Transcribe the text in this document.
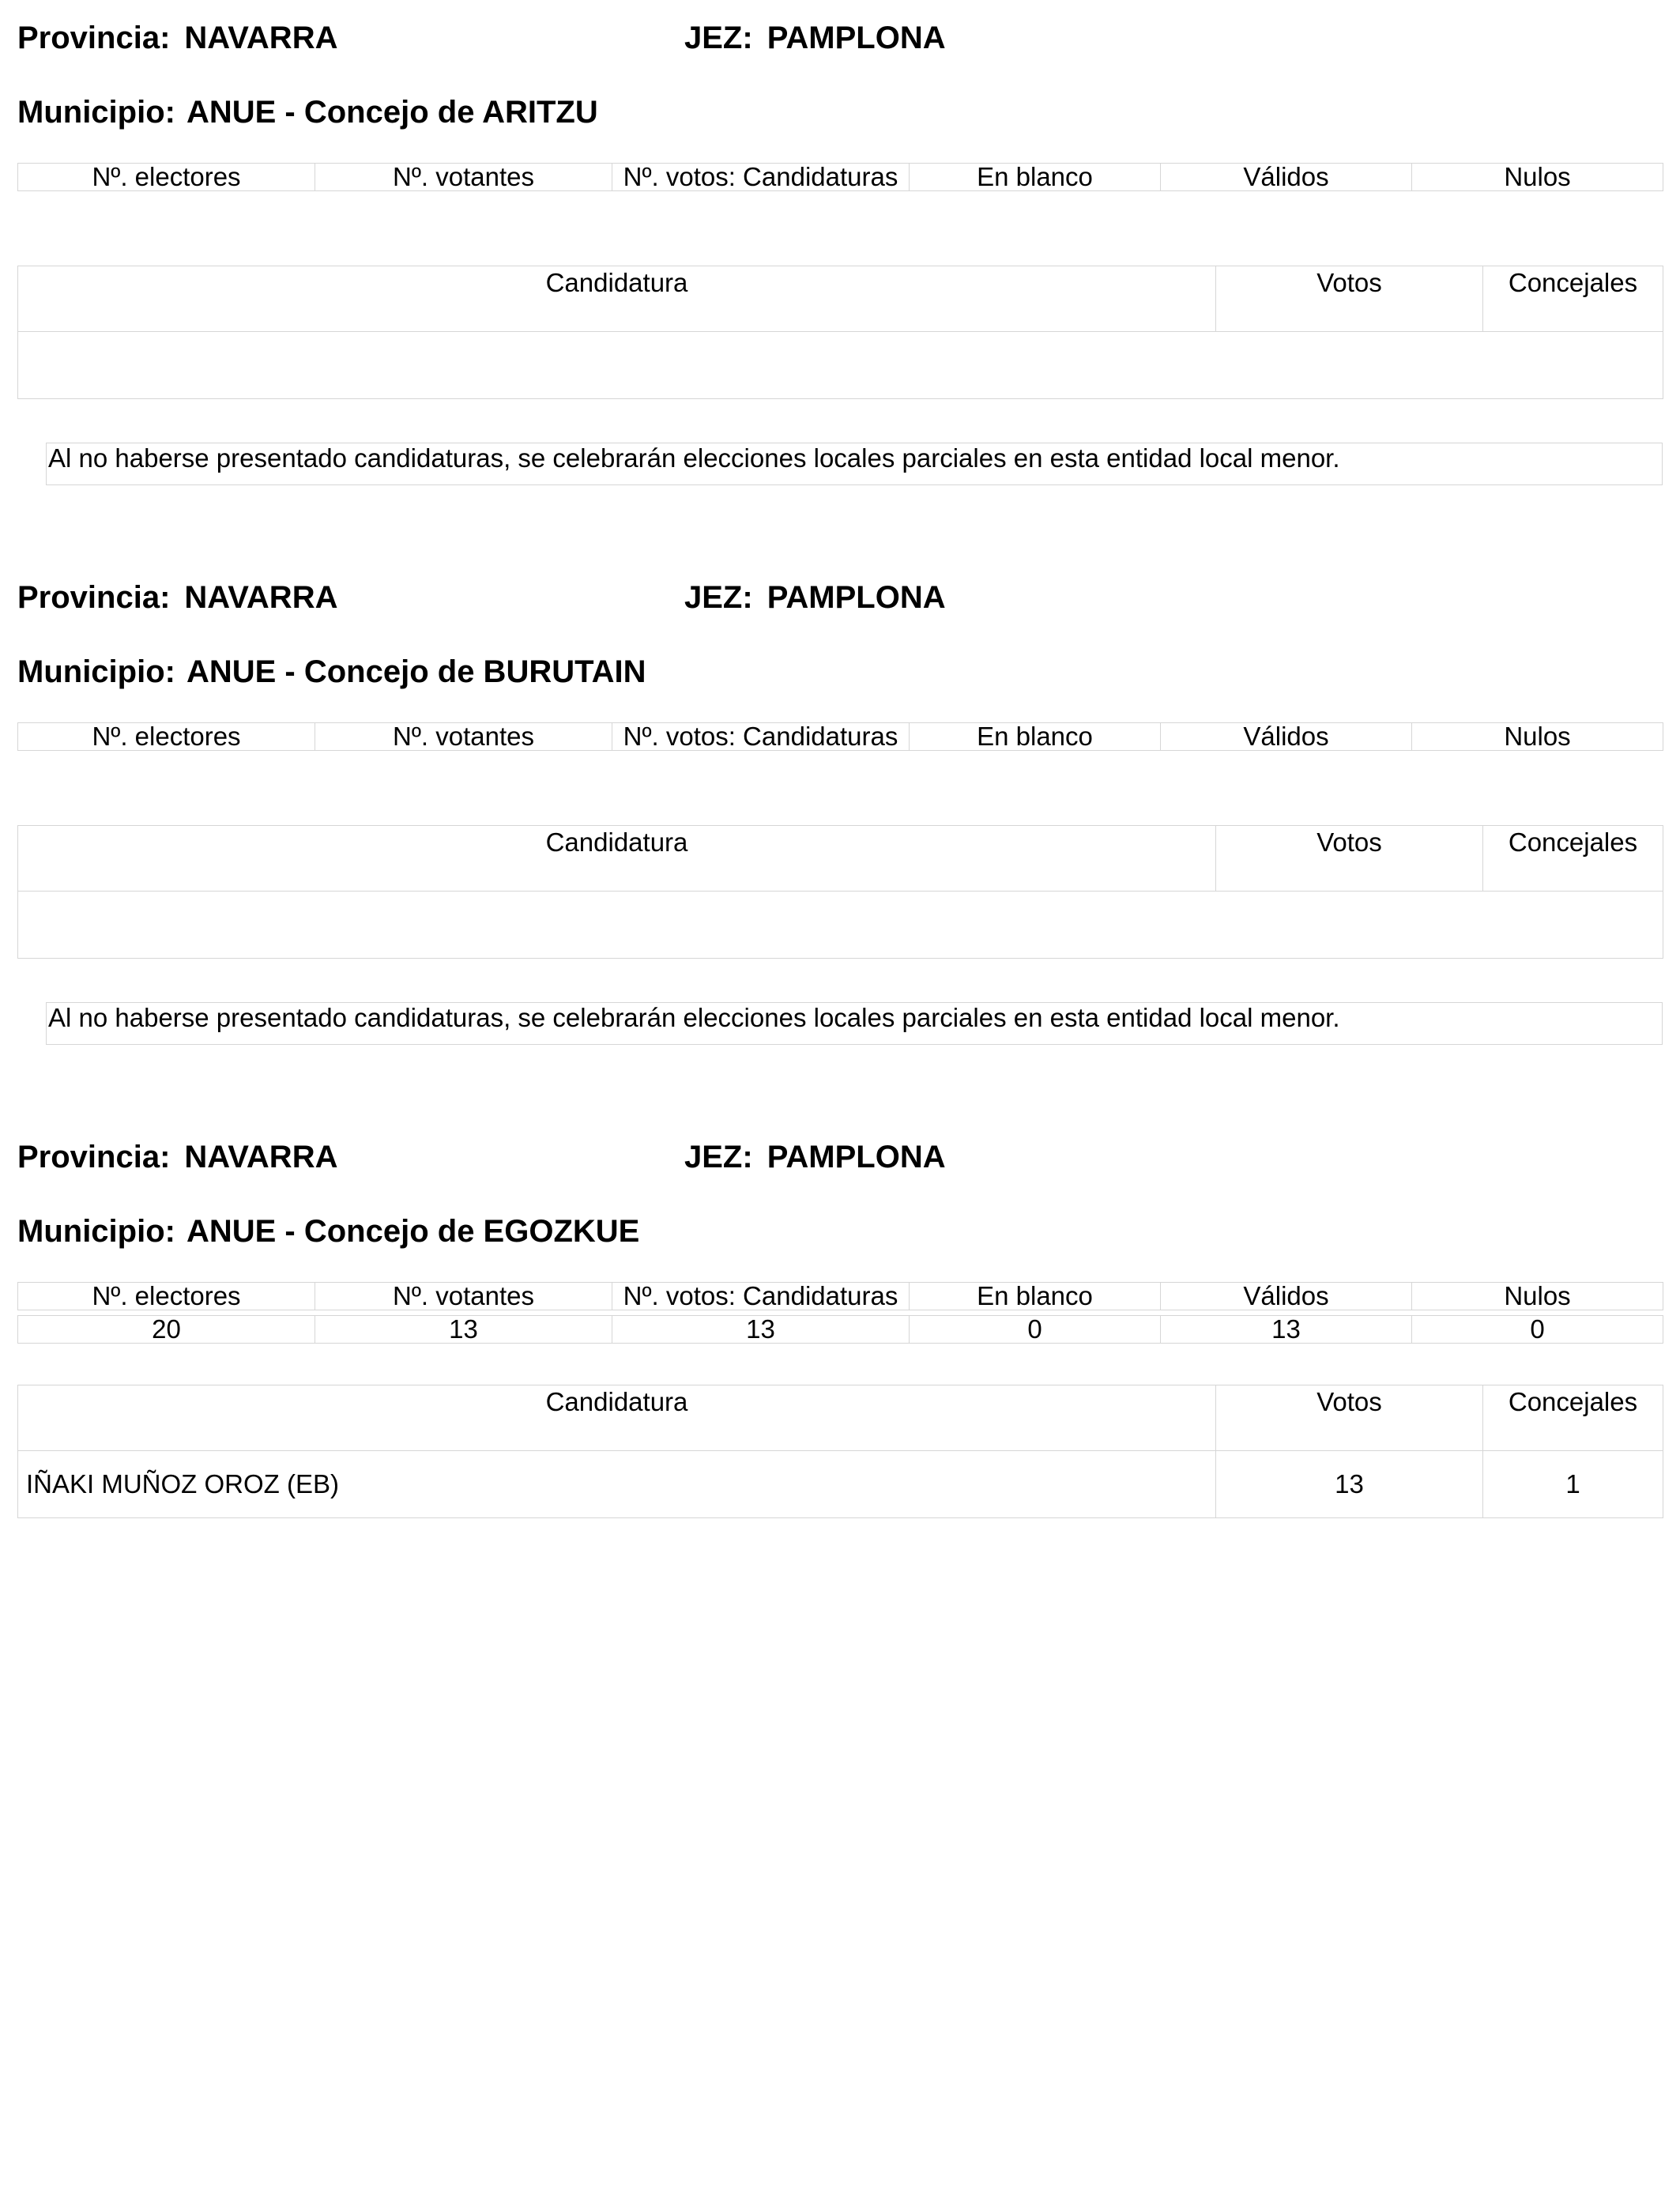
Provincia: NAVARRA	JEZ: PAMPLONA
Municipio: ANUE - Concejo de ARITZU
Nº. electores	Nº. votantes	Nº. votos: Candidaturas	En blanco	Válidos	Nulos
Candidatura	Votos	Concejales

Al no haberse presentado candidaturas, se celebrarán elecciones locales parciales en esta entidad local menor.
Provincia: NAVARRA	JEZ: PAMPLONA
Municipio: ANUE - Concejo de BURUTAIN
Nº. electores	Nº. votantes	Nº. votos: Candidaturas	En blanco	Válidos	Nulos
Candidatura	Votos	Concejales

Al no haberse presentado candidaturas, se celebrarán elecciones locales parciales en esta entidad local menor.
Provincia: NAVARRA	JEZ: PAMPLONA
Municipio: ANUE - Concejo de EGOZKUE
Nº. electores	Nº. votantes	Nº. votos: Candidaturas	En blanco	Válidos	Nulos
20	13	13	0	13	0
Candidatura	Votos	Concejales
IÑAKI MUÑOZ OROZ (EB)	13	1
